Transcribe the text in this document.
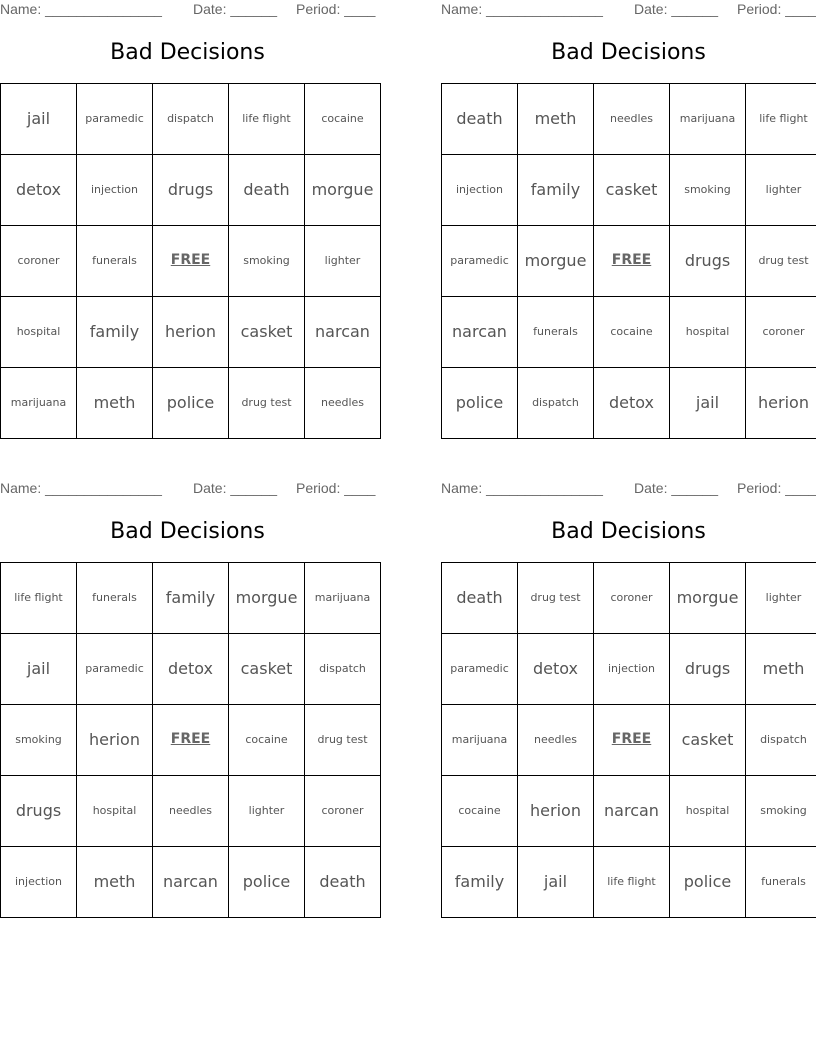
Name: _______________ Date: ______ Period: ____
Bad Decisions
jail	paramedic	dispatch	life flight	cocaine
detox	injection	drugs	death	morgue
coroner	funerals	FREE	smoking	lighter
hospital	family	herion	casket	narcan
marijuana	meth	police	drug test	needles
Name: _______________ Date: ______ Period: ____
Bad Decisions
death	meth	needles	marijuana	life flight
injection	family	casket	smoking	lighter
paramedic	morgue	FREE	drugs	drug test
narcan	funerals	cocaine	hospital	coroner
police	dispatch	detox	jail	herion
Name: _______________ Date: ______ Period: ____
Bad Decisions
life flight	funerals	family	morgue	marijuana
jail	paramedic	detox	casket	dispatch
smoking	herion	FREE	cocaine	drug test
drugs	hospital	needles	lighter	coroner
injection	meth	narcan	police	death
Name: _______________ Date: ______ Period: ____
Bad Decisions
death	drug test	coroner	morgue	lighter
paramedic	detox	injection	drugs	meth
marijuana	needles	FREE	casket	dispatch
cocaine	herion	narcan	hospital	smoking
family	jail	life flight	police	funerals
